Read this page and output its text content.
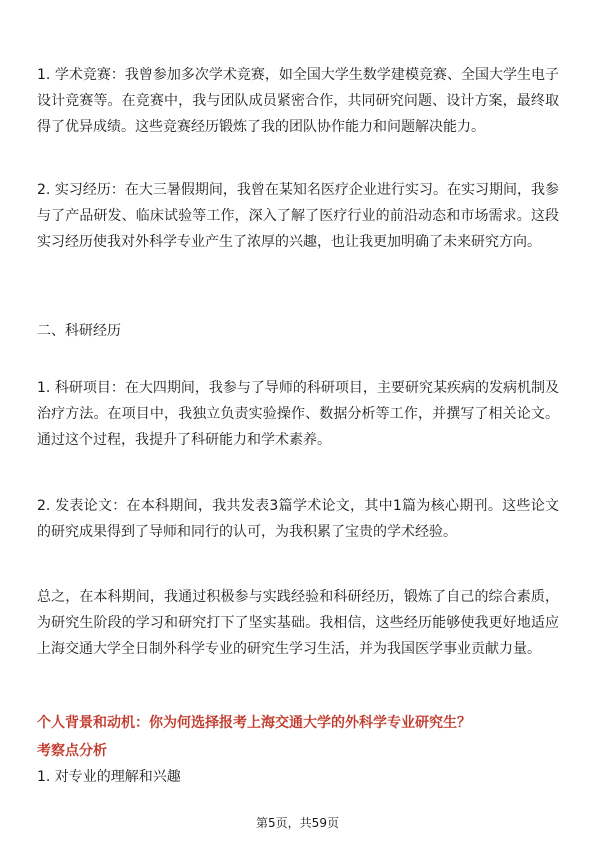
1. 学术竞赛：我曾参加多次学术竞赛，如全国大学生数学建模竞赛、全国大学生电子设计竞赛等。在竞赛中，我与团队成员紧密合作，共同研究问题、设计方案，最终取得了优异成绩。这些竞赛经历锻炼了我的团队协作能力和问题解决能力。

2. 实习经历：在大三暑假期间，我曾在某知名医疗企业进行实习。在实习期间，我参与了产品研发、临床试验等工作，深入了解了医疗行业的前沿动态和市场需求。这段实习经历使我对外科学专业产生了浓厚的兴趣，也让我更加明确了未来研究方向。

二、科研经历

1. 科研项目：在大四期间，我参与了导师的科研项目，主要研究某疾病的发病机制及治疗方法。在项目中，我独立负责实验操作、数据分析等工作，并撰写了相关论文。通过这个过程，我提升了科研能力和学术素养。

2. 发表论文：在本科期间，我共发表3篇学术论文，其中1篇为核心期刊。这些论文的研究成果得到了导师和同行的认可，为我积累了宝贵的学术经验。

总之，在本科期间，我通过积极参与实践经验和科研经历，锻炼了自己的综合素质，为研究生阶段的学习和研究打下了坚实基础。我相信，这些经历能够使我更好地适应上海交通大学全日制外科学专业的研究生学习生活，并为我国医学事业贡献力量。

个人背景和动机：你为何选择报考上海交通大学的外科学专业研究生？

考察点分析

1. 对专业的理解和兴趣

第5页，共59页
